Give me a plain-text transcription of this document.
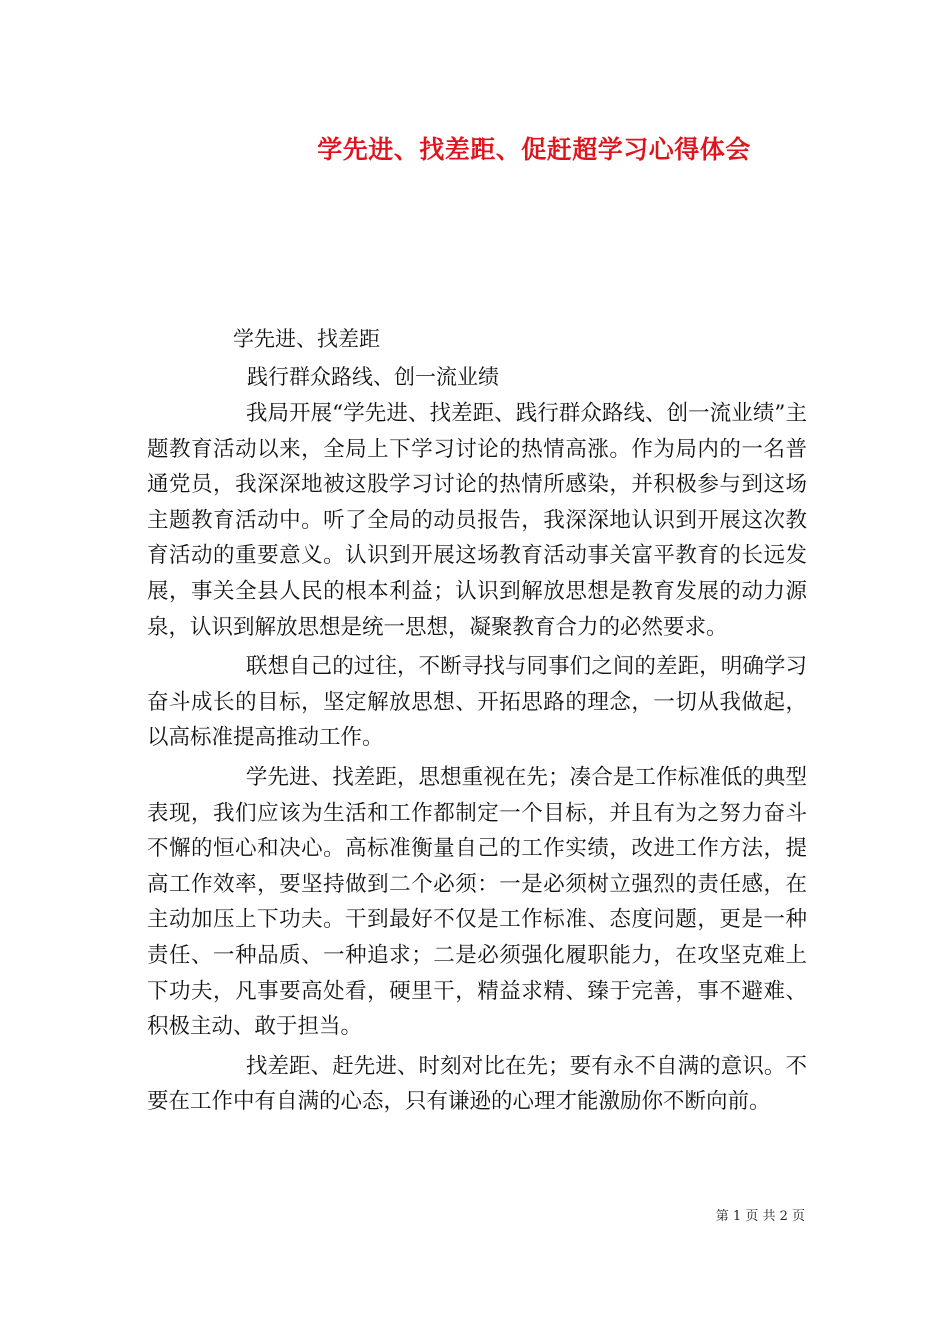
学先进、找差距、促赶超学习心得体会
学先进、找差距
践行群众路线、创一流业绩

我局开展“学先进、找差距、践行群众路线、创一流业绩”主题教育活动以来，全局上下学习讨论的热情高涨。作为局内的一名普通党员，我深深地被这股学习讨论的热情所感染，并积极参与到这场主题教育活动中。听了全局的动员报告，我深深地认识到开展这次教育活动的重要意义。认识到开展这场教育活动事关富平教育的长远发展，事关全县人民的根本利益；认识到解放思想是教育发展的动力源泉，认识到解放思想是统一思想，凝聚教育合力的必然要求。

联想自己的过往，不断寻找与同事们之间的差距，明确学习奋斗成长的目标，坚定解放思想、开拓思路的理念，一切从我做起，以高标准提高推动工作。

学先进、找差距，思想重视在先；凑合是工作标准低的典型表现，我们应该为生活和工作都制定一个目标，并且有为之努力奋斗不懈的恒心和决心。高标准衡量自己的工作实绩，改进工作方法，提高工作效率，要坚持做到二个必须：一是必须树立强烈的责任感，在主动加压上下功夫。干到最好不仅是工作标准、态度问题，更是一种责任、一种品质、一种追求；二是必须强化履职能力，在攻坚克难上下功夫，凡事要高处看，硬里干，精益求精、臻于完善，事不避难、积极主动、敢于担当。

找差距、赶先进、时刻对比在先；要有永不自满的意识。不要在工作中有自满的心态，只有谦逊的心理才能激励你不断向前。

第 1 页 共 2 页
